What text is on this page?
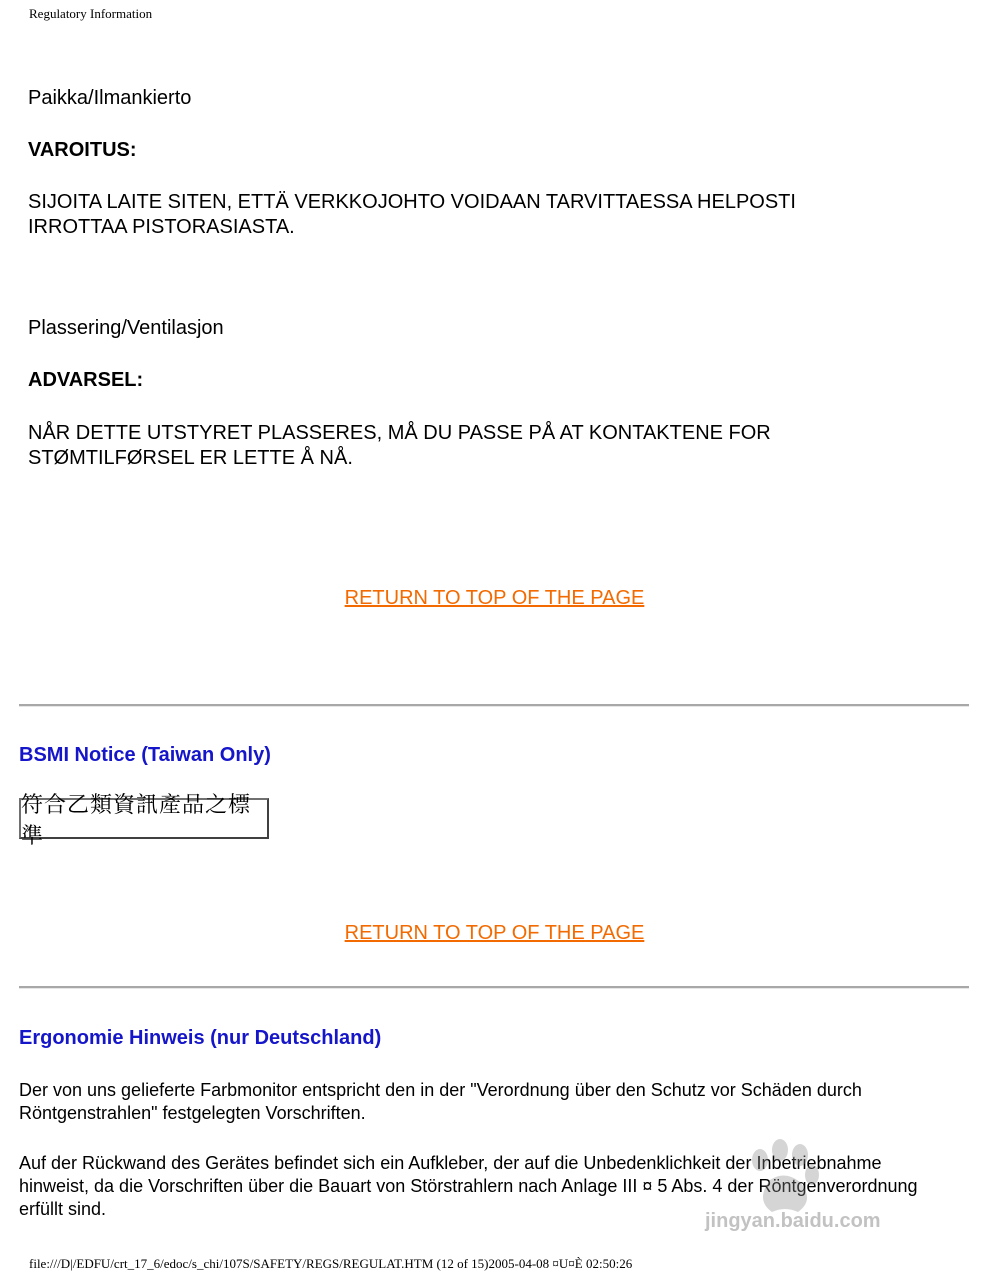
Regulatory Information

Paikka/Ilmankierto

VAROITUS:

SIJOITA LAITE SITEN, ETTÄ VERKKOJOHTO VOIDAAN TARVITTAESSA HELPOSTI

IRROTTAA PISTORASIASTA.

Plassering/Ventilasjon

ADVARSEL:

NÅR DETTE UTSTYRET PLASSERES, MÅ DU PASSE PÅ AT KONTAKTENE FOR

STØMTILFØRSEL ER LETTE Å NÅ.

RETURN TO TOP OF THE PAGE
BSMI Notice (Taiwan Only)
符合乙類資訊產品之標準
RETURN TO TOP OF THE PAGE
Ergonomie Hinweis (nur Deutschland)

Der von uns gelieferte Farbmonitor entspricht den in der "Verordnung über den Schutz vor Schäden durch Röntgenstrahlen" festgelegten Vorschriften.

Auf der Rückwand des Gerätes befindet sich ein Aufkleber, der auf die Unbedenklichkeit der Inbetriebnahme hinweist, da die Vorschriften über die Bauart von Störstrahlern nach Anlage III ¤ 5 Abs. 4 der Röntgenverordnung erfüllt sind.

jingyan.baidu.com
file:///D|/EDFU/crt_17_6/edoc/s_chi/107S/SAFETY/REGS/REGULAT.HTM (12 of 15)2005-04-08 ¤U¤È 02:50:26
